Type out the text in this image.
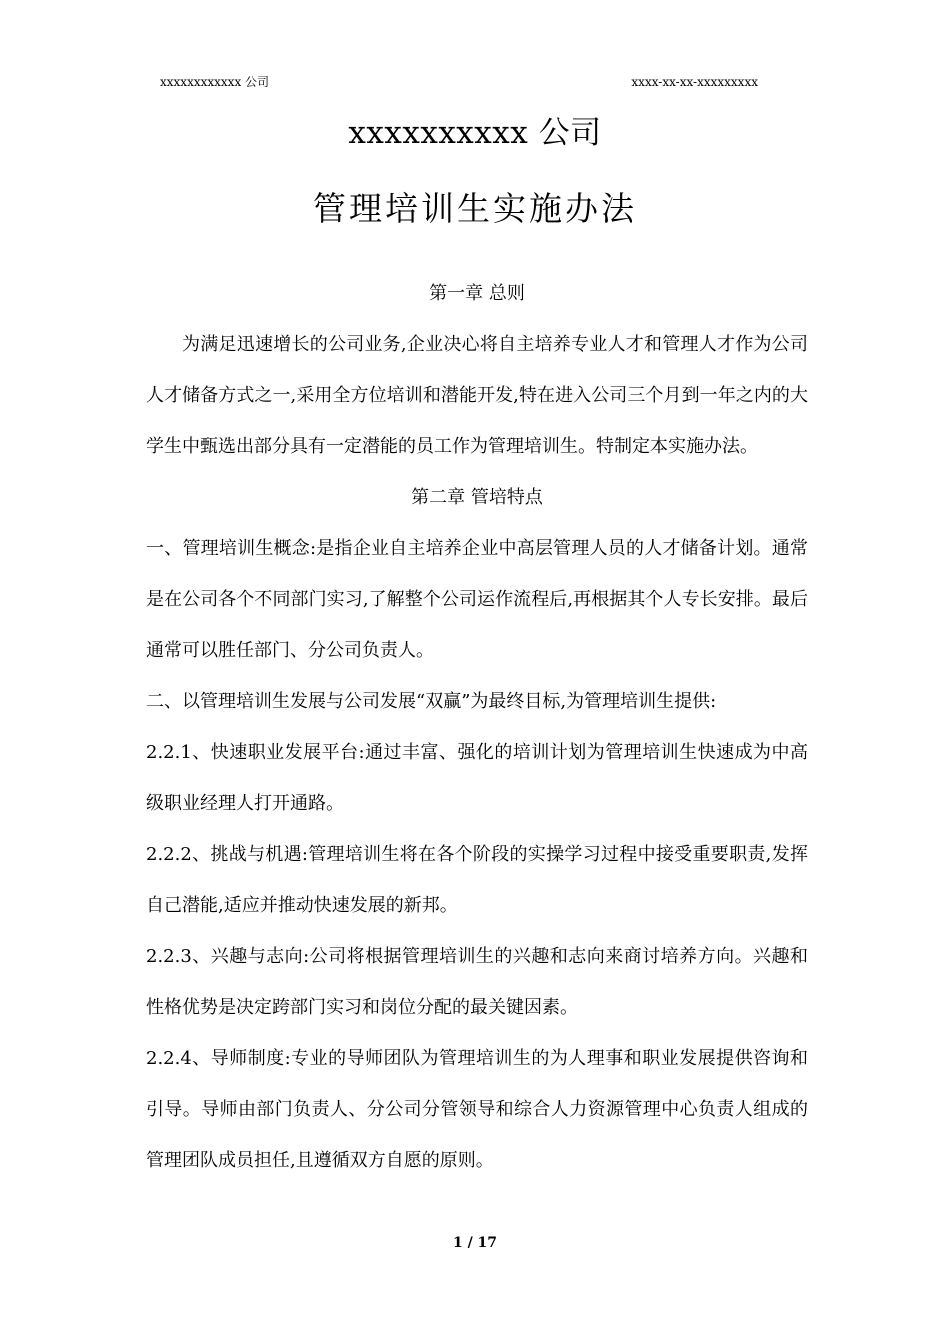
xxxxxxxxxxxx 公司	xxxx-xx-xx-xxxxxxxxx
xxxxxxxxxx 公司
管理培训生实施办法

第一章 总则

为满足迅速增长的公司业务,企业决心将自主培养专业人才和管理人才作为公司人才储备方式之一,采用全方位培训和潜能开发,特在进入公司三个月到一年之内的大学生中甄选出部分具有一定潜能的员工作为管理培训生。特制定本实施办法。

第二章 管培特点

一、管理培训生概念:是指企业自主培养企业中高层管理人员的人才储备计划。通常是在公司各个不同部门实习,了解整个公司运作流程后,再根据其个人专长安排。最后通常可以胜任部门、分公司负责人。

二、以管理培训生发展与公司发展“双赢”为最终目标,为管理培训生提供:

2.2.1、快速职业发展平台:通过丰富、强化的培训计划为管理培训生快速成为中高级职业经理人打开通路。

2.2.2、挑战与机遇:管理培训生将在各个阶段的实操学习过程中接受重要职责,发挥自己潜能,适应并推动快速发展的新邦。

2.2.3、兴趣与志向:公司将根据管理培训生的兴趣和志向来商讨培养方向。兴趣和性格优势是决定跨部门实习和岗位分配的最关键因素。

2.2.4、导师制度:专业的导师团队为管理培训生的为人理事和职业发展提供咨询和引导。导师由部门负责人、分公司分管领导和综合人力资源管理中心负责人组成的管理团队成员担任,且遵循双方自愿的原则。

1 / 17
